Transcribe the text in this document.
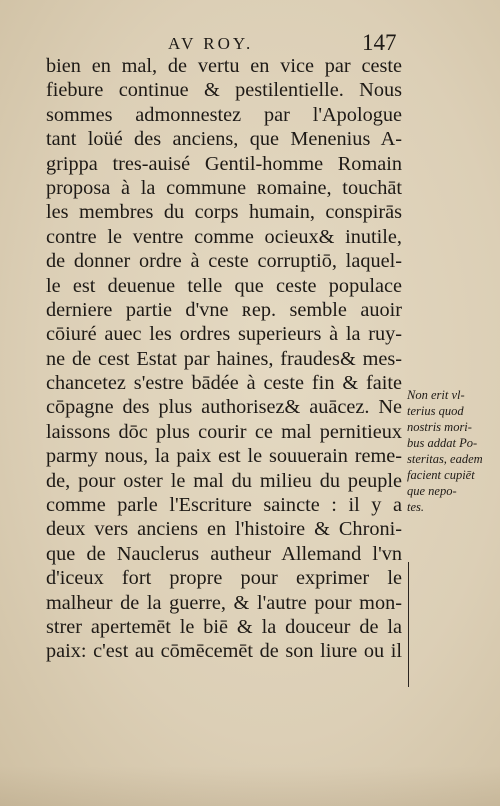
AV ROY.	147
bien en mal, de vertu en vice par ceste
fiebure continue & pestilentielle. Nous
sommes admonnestez par l'Apologue
tant loüé des anciens, que Menenius A-
grippa tres-auisé Gentil-homme Romain
proposa à la commune ʀomaine, touchāt
les membres du corps humain, conspirās
contre le ventre comme ocieux& inutile,
de donner ordre à ceste corruptiō, laquel-
le est deuenue telle que ceste populace
derniere partie d'vne ʀep. semble auoir
cōiuré auec les ordres superieurs à la ruy-
ne de cest Estat par haines, fraudes& mes-
chancetez s'estre bādée à ceste fin & faite
cōpagne des plus authorisez& auācez. Ne
laissons dōc plus courir ce mal pernitieux
parmy nous, la paix est le souuerain reme-
de, pour oster le mal du milieu du peuple
comme parle l'Escriture saincte : il y a
deux vers anciens en l'histoire & Chroni-
que de Nauclerus autheur Allemand l'vn
d'iceux fort propre pour exprimer le
malheur de la guerre, & l'autre pour mon-
strer apertemēt le biē & la douceur de la
paix: c'est au cōmēcemēt de son liure ou il
Non erit vl-
terius quod
nostris mori-
bus addat Po-
steritas, eadem
facient cupiēt
que nepo-
tes.
